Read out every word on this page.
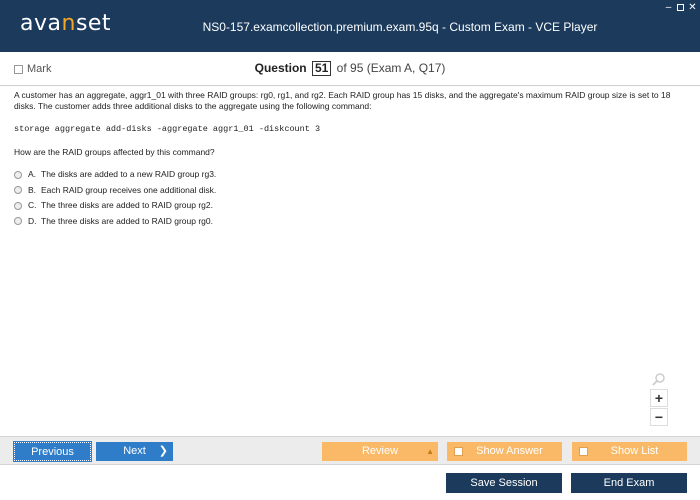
avanset	NS0-157.examcollection.premium.exam.95q - Custom Exam - VCE Player
– ✕
Mark	Question 51 of 95 (Exam A, Q17)
A customer has an aggregate, aggr1_01 with three RAID groups: rg0, rg1, and rg2. Each RAID group has 15 disks, and the aggregate's maximum RAID group size is set to 18 disks. The customer adds three additional disks to the aggregate using the following command:
storage aggregate add-disks -aggregate aggr1_01 -diskcount 3
How are the RAID groups affected by this command?
A. The disks are added to a new RAID group rg3.
B. Each RAID group receives one additional disk.
C. The three disks are added to RAID group rg2.
D. The three disks are added to RAID group rg0.
+
−
Previous	Next ❯	Review	▲	Show Answer	Show List
Save Session	End Exam
